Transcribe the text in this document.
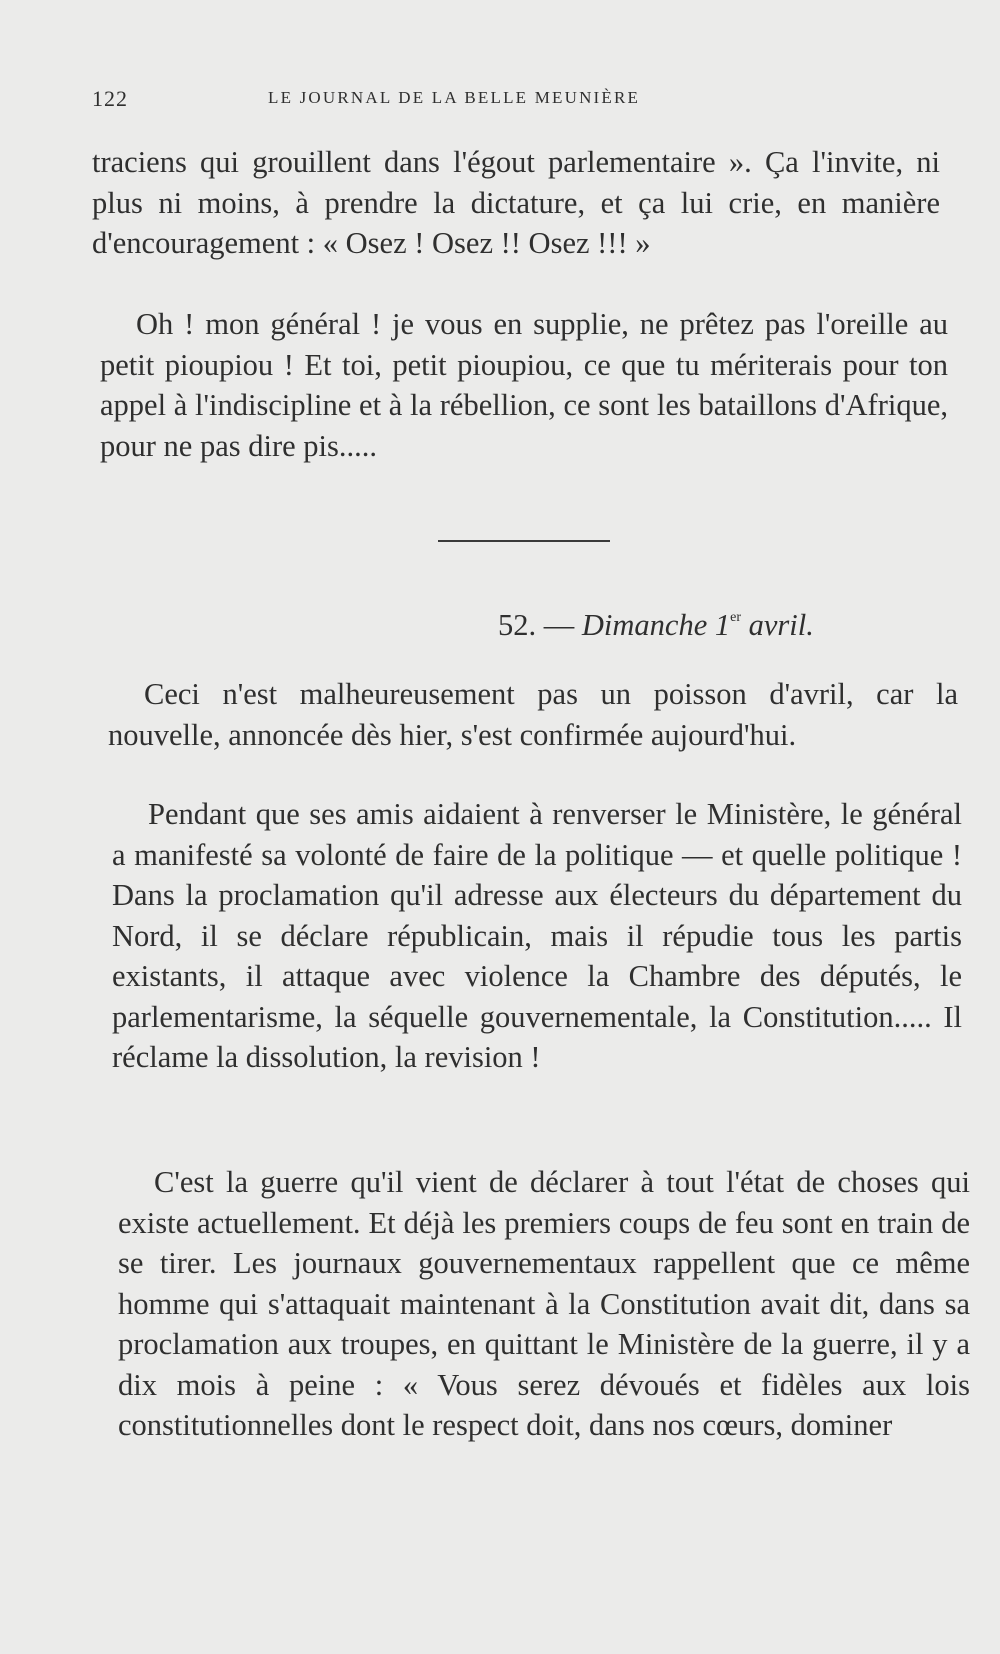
122	LE JOURNAL DE LA BELLE MEUNIÈRE

traciens qui grouillent dans l'égout parlementaire ». Ça l'invite, ni plus ni moins, à prendre la dictature, et ça lui crie, en manière d'encouragement : « Osez ! Osez !! Osez !!! »

Oh ! mon général ! je vous en supplie, ne prêtez pas l'oreille au petit pioupiou ! Et toi, petit pioupiou, ce que tu mériterais pour ton appel à l'indiscipline et à la rébellion, ce sont les bataillons d'Afrique, pour ne pas dire pis.....

52. — Dimanche 1er avril.

Ceci n'est malheureusement pas un poisson d'avril, car la nouvelle, annoncée dès hier, s'est confirmée aujourd'hui.

Pendant que ses amis aidaient à renverser le Ministère, le général a manifesté sa volonté de faire de la politique — et quelle politique ! Dans la proclamation qu'il adresse aux électeurs du département du Nord, il se déclare républicain, mais il répudie tous les partis existants, il attaque avec violence la Chambre des députés, le parlementarisme, la séquelle gouvernementale, la Constitution..... Il réclame la dissolution, la revision !

C'est la guerre qu'il vient de déclarer à tout l'état de choses qui existe actuellement. Et déjà les premiers coups de feu sont en train de se tirer. Les journaux gouvernementaux rappellent que ce même homme qui s'attaquait maintenant à la Constitution avait dit, dans sa proclamation aux troupes, en quittant le Ministère de la guerre, il y a dix mois à peine : « Vous serez dévoués et fidèles aux lois constitutionnelles dont le respect doit, dans nos cœurs, dominer
